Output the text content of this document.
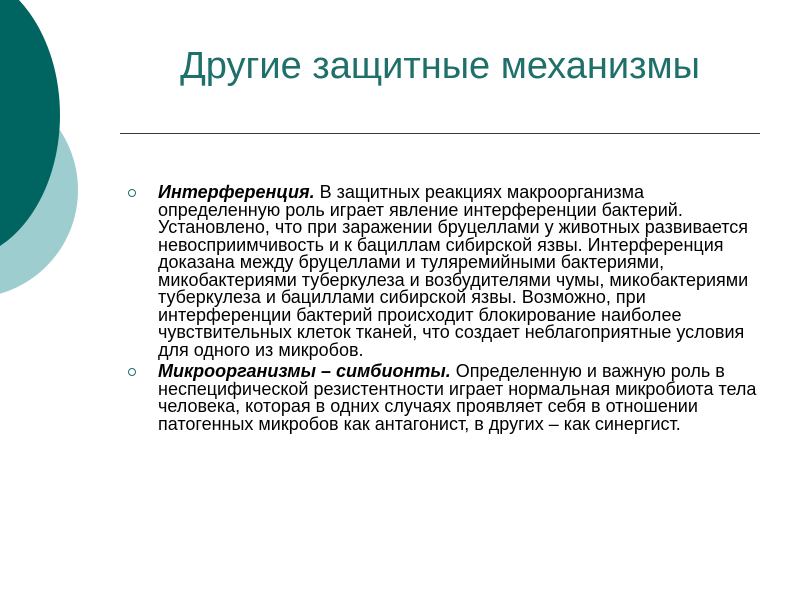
Другие защитные механизмы

Интерференция. В защитных реакциях макроорганизма определенную роль играет явление интерференции бактерий. Установлено, что при заражении бруцеллами у животных развивается невосприимчивость и к бациллам сибирской язвы. Интерференция доказана между бруцеллами и туляремийными бактериями, микобактериями туберкулеза и возбудителями чумы, микобактериями туберкулеза и бациллами сибирской язвы. Возможно, при интерференции бактерий происходит блокирование наиболее чувствительных клеток тканей, что создает неблагоприятные условия для одного из микробов.

Микроорганизмы – симбионты. Определенную и важную роль в неспецифической резистентности играет нормальная микробиота тела человека, которая в одних случаях проявляет себя в отношении патогенных микробов как антагонист, в других – как синергист.
